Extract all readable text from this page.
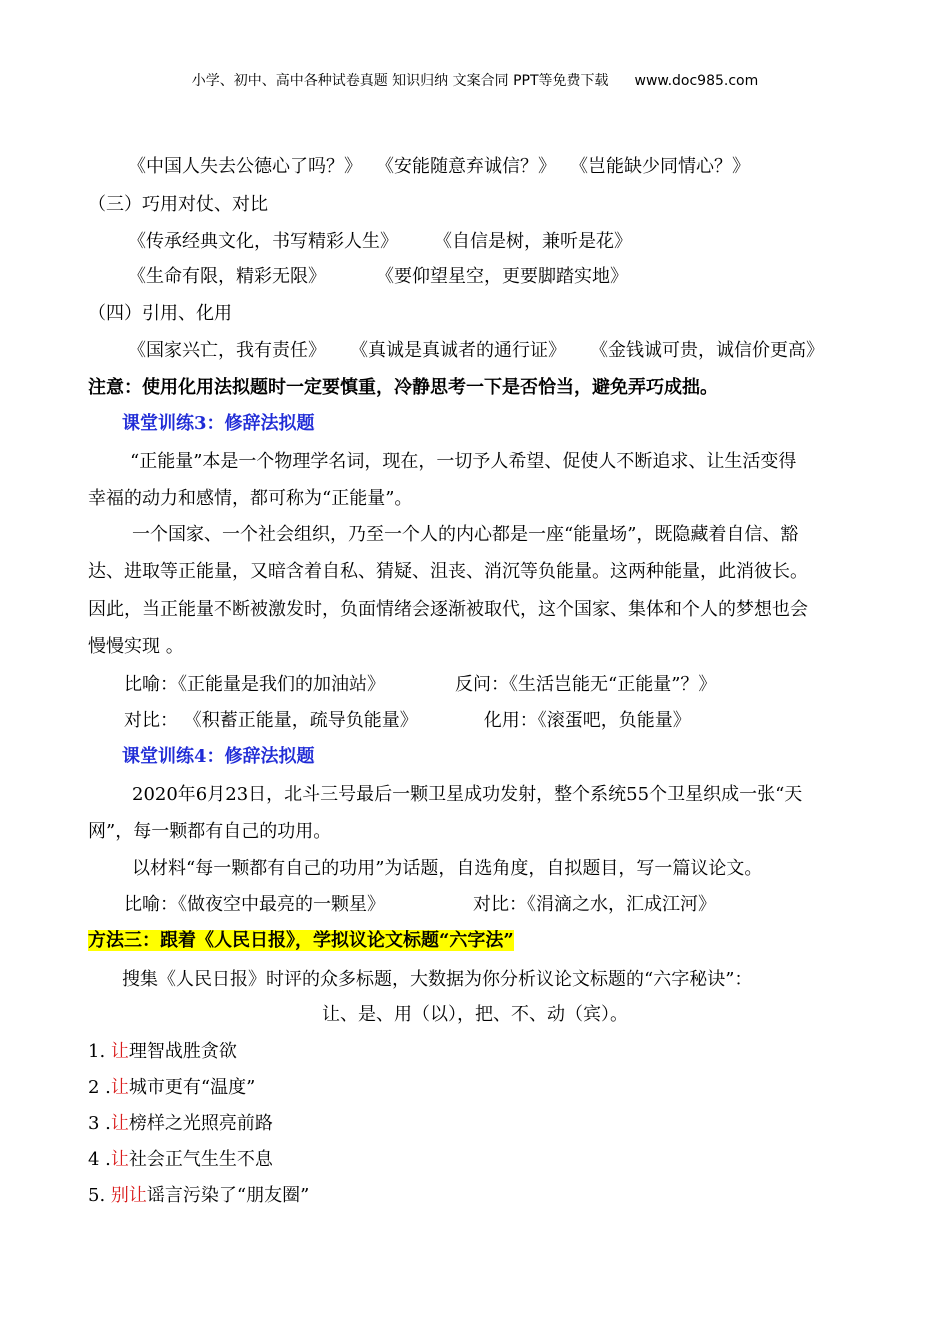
小学、初中、高中各种试卷真题 知识归纳 文案合同 PPT等免费下载 www.doc985.com
《中国人失去公德心了吗？》 《安能随意弃诚信？》 《岂能缺少同情心？》
（三）巧用对仗、对比
《传承经典文化，书写精彩人生》 《自信是树，兼听是花》
《生命有限，精彩无限》	《要仰望星空，更要脚踏实地》
（四）引用、化用
《国家兴亡，我有责任》 《真诚是真诚者的通行证》 《金钱诚可贵，诚信价更高》
注意：使用化用法拟题时一定要慎重，冷静思考一下是否恰当，避免弄巧成拙。
课堂训练3：修辞法拟题
“正能量”本是一个物理学名词，现在，一切予人希望、促使人不断追求、让生活变得
幸福的动力和感情，都可称为“正能量”。
一个国家、一个社会组织，乃至一个人的内心都是一座“能量场”，既隐藏着自信、豁
达、进取等正能量，又暗含着自私、猜疑、沮丧、消沉等负能量。这两种能量，此消彼长。
因此，当正能量不断被激发时，负面情绪会逐渐被取代，这个国家、集体和个人的梦想也会
慢慢实现 。
比喻：《正能量是我们的加油站》	反问：《生活岂能无“正能量”？》
对比： 《积蓄正能量，疏导负能量》	化用：《滚蛋吧，负能量》
课堂训练4：修辞法拟题
2020年6月23日，北斗三号最后一颗卫星成功发射，整个系统55个卫星织成一张“天
网”，每一颗都有自己的功用。
以材料“每一颗都有自己的功用”为话题，自选角度，自拟题目，写一篇议论文。
比喻：《做夜空中最亮的一颗星》	对比：《涓滴之水，汇成江河》
方法三：跟着《人民日报》，学拟议论文标题“六字法”
搜集《人民日报》时评的众多标题，大数据为你分析议论文标题的“六字秘诀”：
让、是、用（以），把、不、动（宾）。
1. 让理智战胜贪欲
2 .让城市更有“温度”
3 .让榜样之光照亮前路
4 .让社会正气生生不息
5. 别让谣言污染了“朋友圈”
